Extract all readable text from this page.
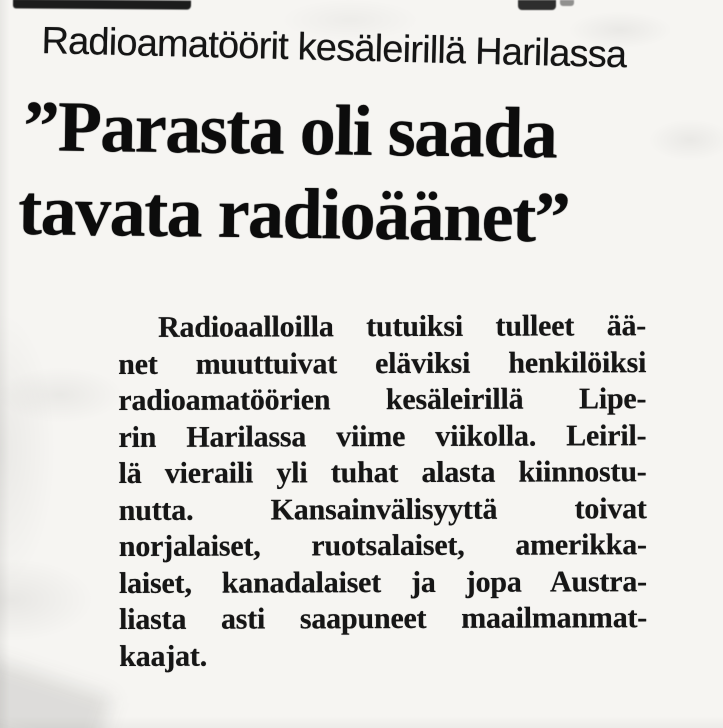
Radioamatöörit kesäleirillä Harilassa
”Parasta oli saada
tavata radioäänet”
Radioaalloilla tutuiksi tulleet ää-
net muuttuivat eläviksi henkilöiksi
radioamatöörien kesäleirillä Lipe-
rin Harilassa viime viikolla. Leiril-
lä vieraili yli tuhat alasta kiinnostu-
nutta. Kansainvälisyyttä toivat
norjalaiset, ruotsalaiset, amerikka-
laiset, kanadalaiset ja jopa Austra-
liasta asti saapuneet maailmanmat-
kaajat.
